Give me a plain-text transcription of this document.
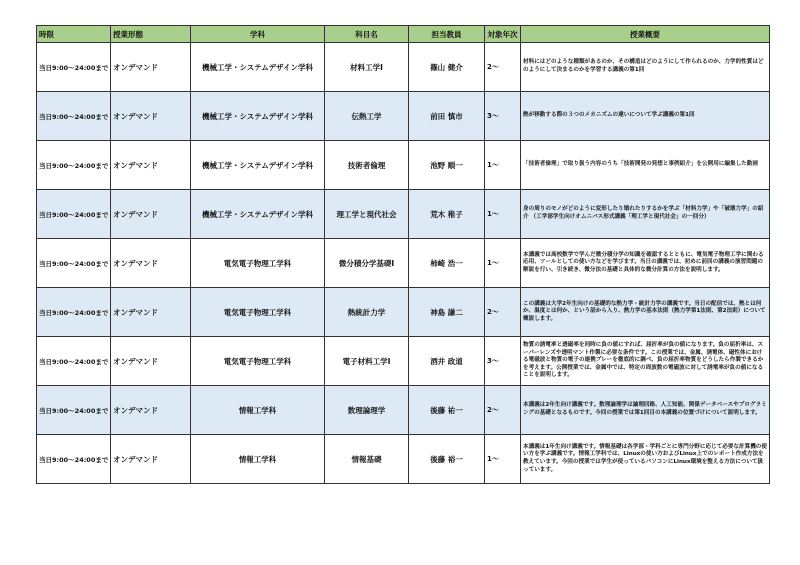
時限	授業形態	学科	科目名	担当教員	対象年次	授業概要
当日9:00～24:00まで	オンデマンド	機械工学・システムデザイン学科	材料工学Ⅰ	篠山 健介	2～	材料にはどのような種類があるのか、その構造はどのようにして作られるのか、力学的性質はどのようにして決まるのかを学習する講義の第1回
当日9:00～24:00まで	オンデマンド	機械工学・システムデザイン学科	伝熱工学	前田 慎市	3～	熱が移動する際の３つのメカニズムの違いについて学ぶ講義の第1回
当日9:00～24:00まで	オンデマンド	機械工学・システムデザイン学科	技術者倫理	池野 順一	1～	「技術者倫理」で取り扱う内容のうち「技術開発の発想と事例紹介」を公開用に編集した動画
当日9:00～24:00まで	オンデマンド	機械工学・システムデザイン学科	理工学と現代社会	荒木 稚子	1～	身の周りのモノがどのように変形したり壊れたりするかを学ぶ「材料力学」や「破壊力学」の紹介 （工学部学生向けオムニバス形式講義「理工学と現代社会」の一回分）
当日9:00～24:00まで	オンデマンド	電気電子物理工学科	微分積分学基礎Ⅰ	柿崎 浩一	1～	本講義では高校数学で学んだ微分積分学の知識を確認するとともに、電気電子物理工学に関わる応用、ツールとしての使い方などを学びます。当日の講義では、初めに前回の講義の演習問題の解説を行い、引き続き、微分法の基礎と具体的な微分計算の方法を説明します。
当日9:00～24:00まで	オンデマンド	電気電子物理工学科	熱統計力学	神島 謙二	2～	この講義は大学2年生向けの基礎的な熱力学・統計力学の講義です。当日の配信では、熱とは何か、温度とは何か、という話から入り、熱力学の基本法則（熱力学第1法則、第2法則）について概説します。
当日9:00～24:00まで	オンデマンド	電気電子物理工学科	電子材料工学Ⅰ	酒井 政道	3～	物質の誘電率と透磁率を同時に負の値にすれば、屈折率が負の値になります。負の屈折率は、スーパーレンズや透明マント作製に必要な条件です。この授業では、金属、誘電体、磁性体における電磁波と物質の電子の連携プレーを徹底的に調べ、負の屈折率物質をどうしたら作製できるかを考えます。公開授業では、金属中では、特定の周波数の電磁波に対して誘電率が負の値になることを説明します。
当日9:00～24:00まで	オンデマンド	情報工学科	数理論理学	後藤 祐一	2～	本講義は2年生向け講義です。数理論理学は論理回路、人工知能、関係データベースやプログラミングの基礎となるものです。今回の授業では第1回目の本講義の位置づけについて説明します。
当日9:00～24:00まで	オンデマンド	情報工学科	情報基礎	後藤 裕一	1～	本講義は1年生向け講義です。情報基礎は各学部・学科ごとに専門分野に応じて必要な計算機の使い方を学ぶ講義です。情報工学科では、Linuxの使い方およびLinux上でのレポート作成方法を教えています。今回の授業では学生が使っているパソコンにLinux環境を整える方法について扱っています。
